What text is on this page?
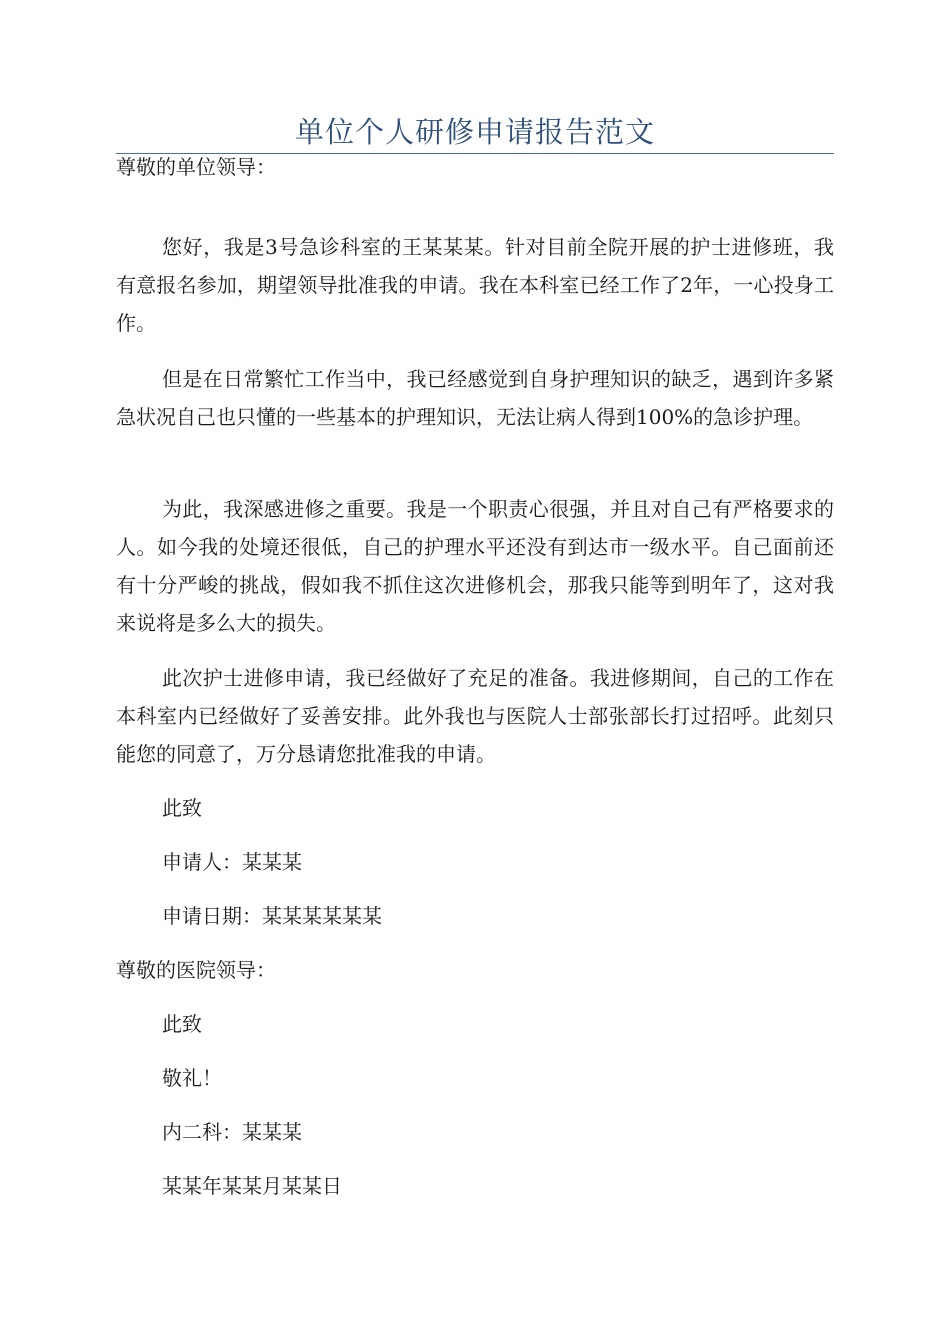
单位个人研修申请报告范文

尊敬的单位领导：

您好，我是3号急诊科室的王某某某。针对目前全院开展的护士进修班，我有意报名参加，期望领导批准我的申请。我在本科室已经工作了2年，一心投身工作。

但是在日常繁忙工作当中，我已经感觉到自身护理知识的缺乏，遇到许多紧急状况自己也只懂的一些基本的护理知识，无法让病人得到100%的急诊护理。

为此，我深感进修之重要。我是一个职责心很强，并且对自己有严格要求的人。如今我的处境还很低，自己的护理水平还没有到达市一级水平。自己面前还有十分严峻的挑战，假如我不抓住这次进修机会，那我只能等到明年了，这对我来说将是多么大的损失。

此次护士进修申请，我已经做好了充足的准备。我进修期间，自己的工作在本科室内已经做好了妥善安排。此外我也与医院人士部张部长打过招呼。此刻只能您的同意了，万分恳请您批准我的申请。

此致

申请人：某某某

申请日期：某某某某某某

尊敬的医院领导：

此致

敬礼！

内二科：某某某

某某年某某月某某日
